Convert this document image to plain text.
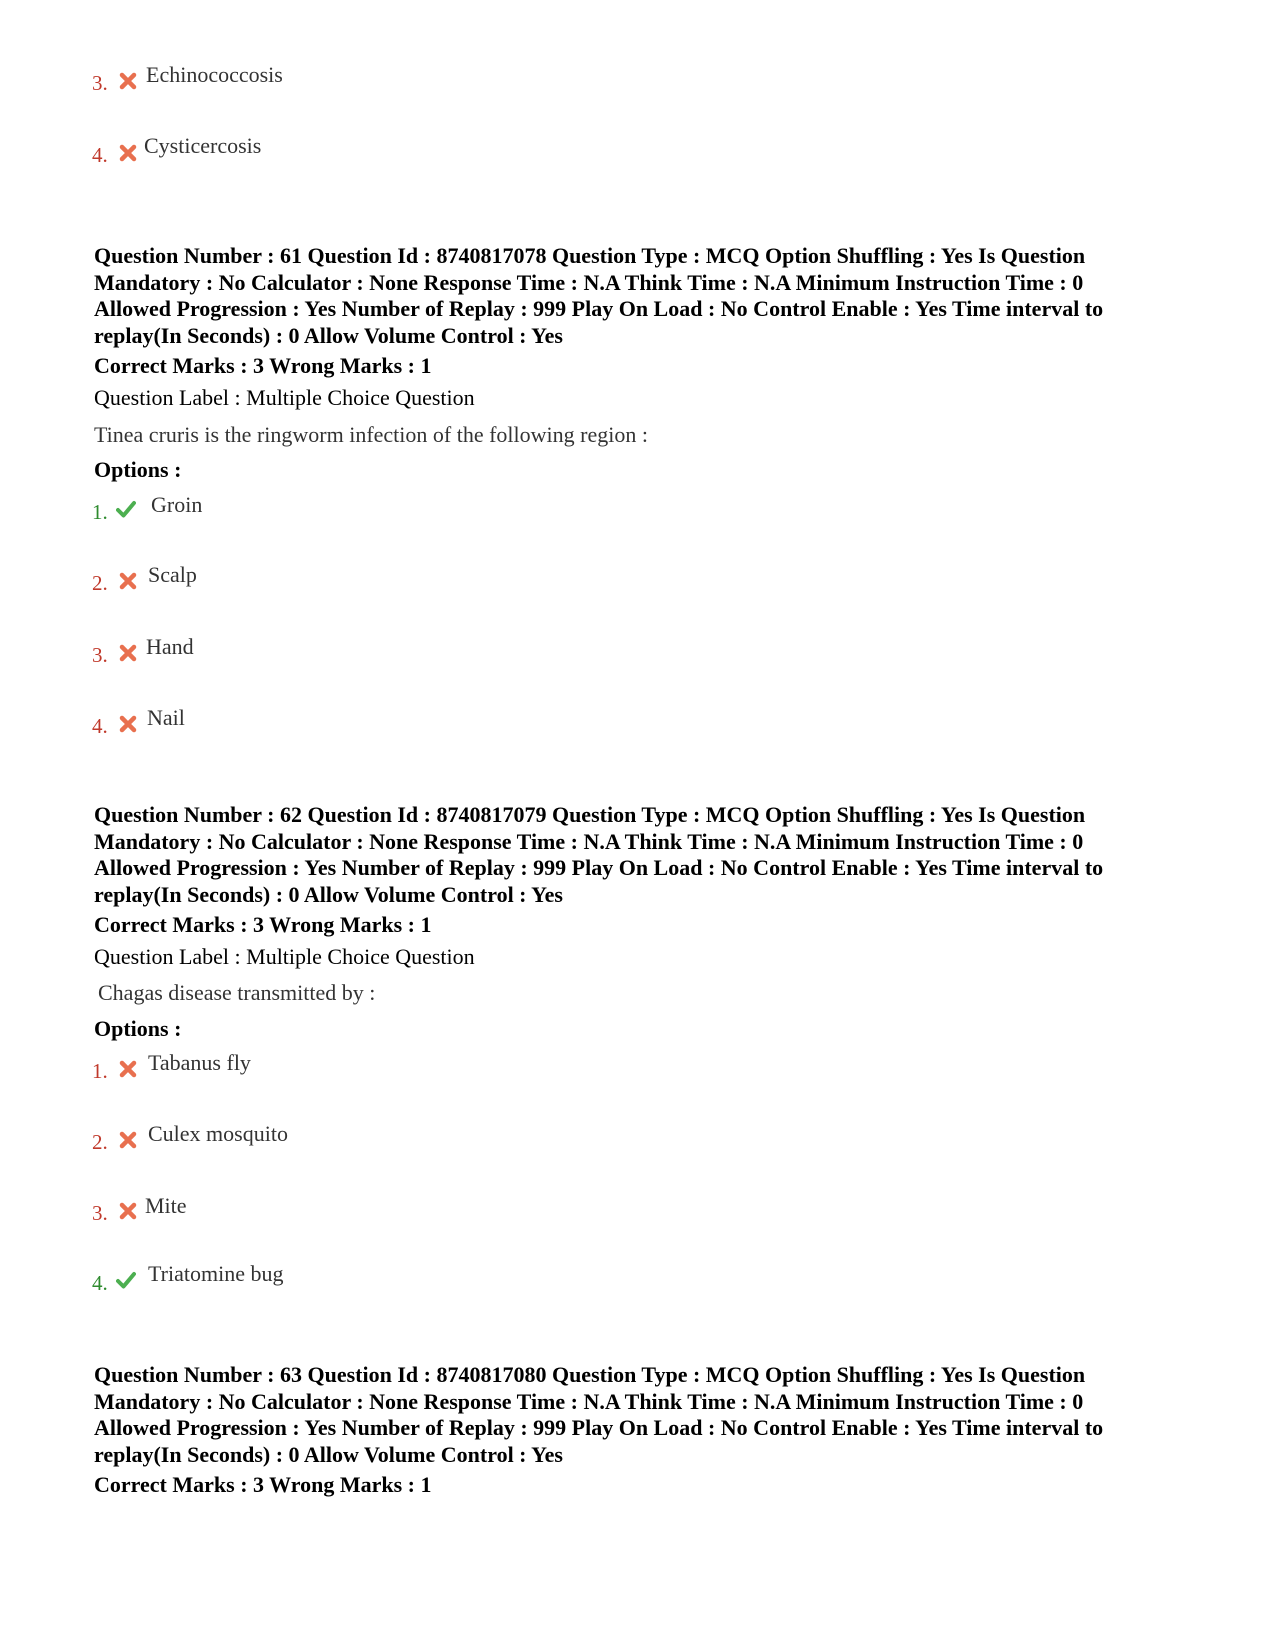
3. Echinococcosis
4. Cysticercosis
Question Number : 61 Question Id : 8740817078 Question Type : MCQ Option Shuffling : Yes Is Question
Mandatory : No Calculator : None Response Time : N.A Think Time : N.A Minimum Instruction Time : 0
Allowed Progression : Yes Number of Replay : 999 Play On Load : No Control Enable : Yes Time interval to
replay(In Seconds) : 0 Allow Volume Control : Yes
Correct Marks : 3 Wrong Marks : 1
Question Label : Multiple Choice Question
Tinea cruris is the ringworm infection of the following region :
Options :
1. Groin
2. Scalp
3. Hand
4. Nail
Question Number : 62 Question Id : 8740817079 Question Type : MCQ Option Shuffling : Yes Is Question
Mandatory : No Calculator : None Response Time : N.A Think Time : N.A Minimum Instruction Time : 0
Allowed Progression : Yes Number of Replay : 999 Play On Load : No Control Enable : Yes Time interval to
replay(In Seconds) : 0 Allow Volume Control : Yes
Correct Marks : 3 Wrong Marks : 1
Question Label : Multiple Choice Question
Chagas disease transmitted by :
Options :
1. Tabanus fly
2. Culex mosquito
3. Mite
4. Triatomine bug
Question Number : 63 Question Id : 8740817080 Question Type : MCQ Option Shuffling : Yes Is Question
Mandatory : No Calculator : None Response Time : N.A Think Time : N.A Minimum Instruction Time : 0
Allowed Progression : Yes Number of Replay : 999 Play On Load : No Control Enable : Yes Time interval to
replay(In Seconds) : 0 Allow Volume Control : Yes
Correct Marks : 3 Wrong Marks : 1
